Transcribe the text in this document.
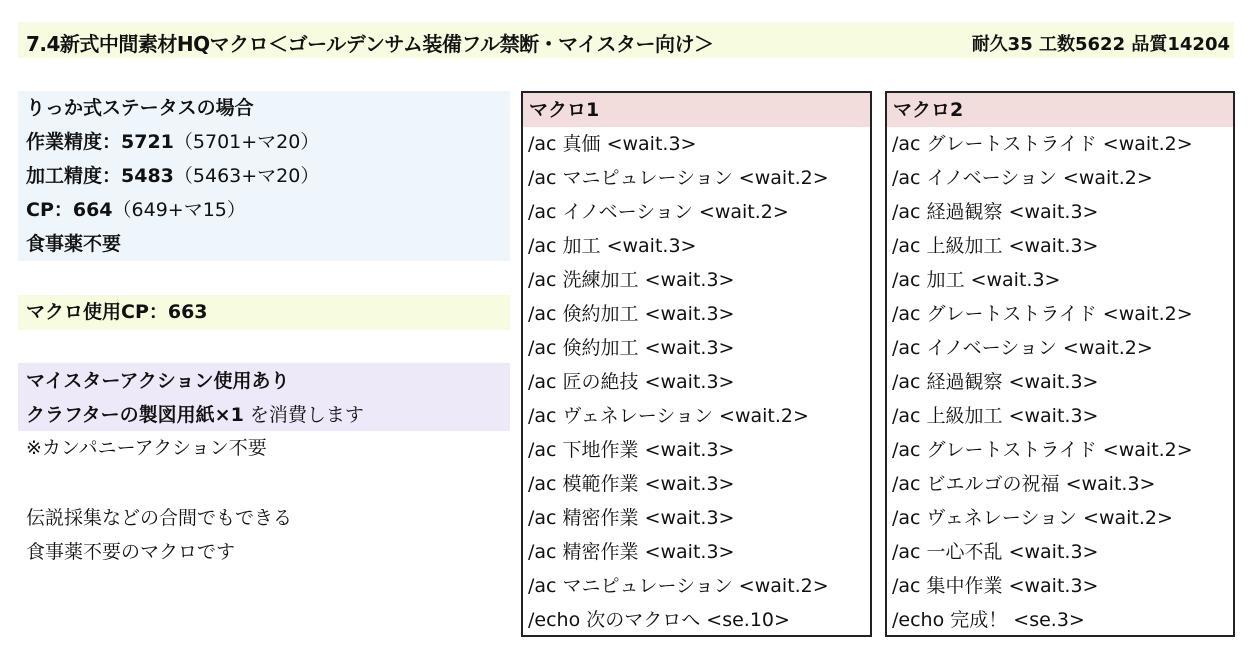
7.4新式中間素材HQマクロ＜ゴールデンサム装備フル禁断・マイスター向け＞	耐久35 工数5622 品質14204
りっか式ステータスの場合
作業精度：5721（5701+マ20）
加工精度：5483（5463+マ20）
CP：664（649+マ15）
食事薬不要
マクロ使用CP：663
マイスターアクション使用あり
クラフターの製図用紙×1 を消費します
※カンパニーアクション不要
伝説採集などの合間でもできる
食事薬不要のマクロです
マクロ1
/ac 真価 <wait.3>
/ac マニピュレーション <wait.2>
/ac イノベーション <wait.2>
/ac 加工 <wait.3>
/ac 洗練加工 <wait.3>
/ac 倹約加工 <wait.3>
/ac 倹約加工 <wait.3>
/ac 匠の絶技 <wait.3>
/ac ヴェネレーション <wait.2>
/ac 下地作業 <wait.3>
/ac 模範作業 <wait.3>
/ac 精密作業 <wait.3>
/ac 精密作業 <wait.3>
/ac マニピュレーション <wait.2>
/echo 次のマクロへ <se.10>
マクロ2
/ac グレートストライド <wait.2>
/ac イノベーション <wait.2>
/ac 経過観察 <wait.3>
/ac 上級加工 <wait.3>
/ac 加工 <wait.3>
/ac グレートストライド <wait.2>
/ac イノベーション <wait.2>
/ac 経過観察 <wait.3>
/ac 上級加工 <wait.3>
/ac グレートストライド <wait.2>
/ac ビエルゴの祝福 <wait.3>
/ac ヴェネレーション <wait.2>
/ac 一心不乱 <wait.3>
/ac 集中作業 <wait.3>
/echo 完成！ <se.3>
